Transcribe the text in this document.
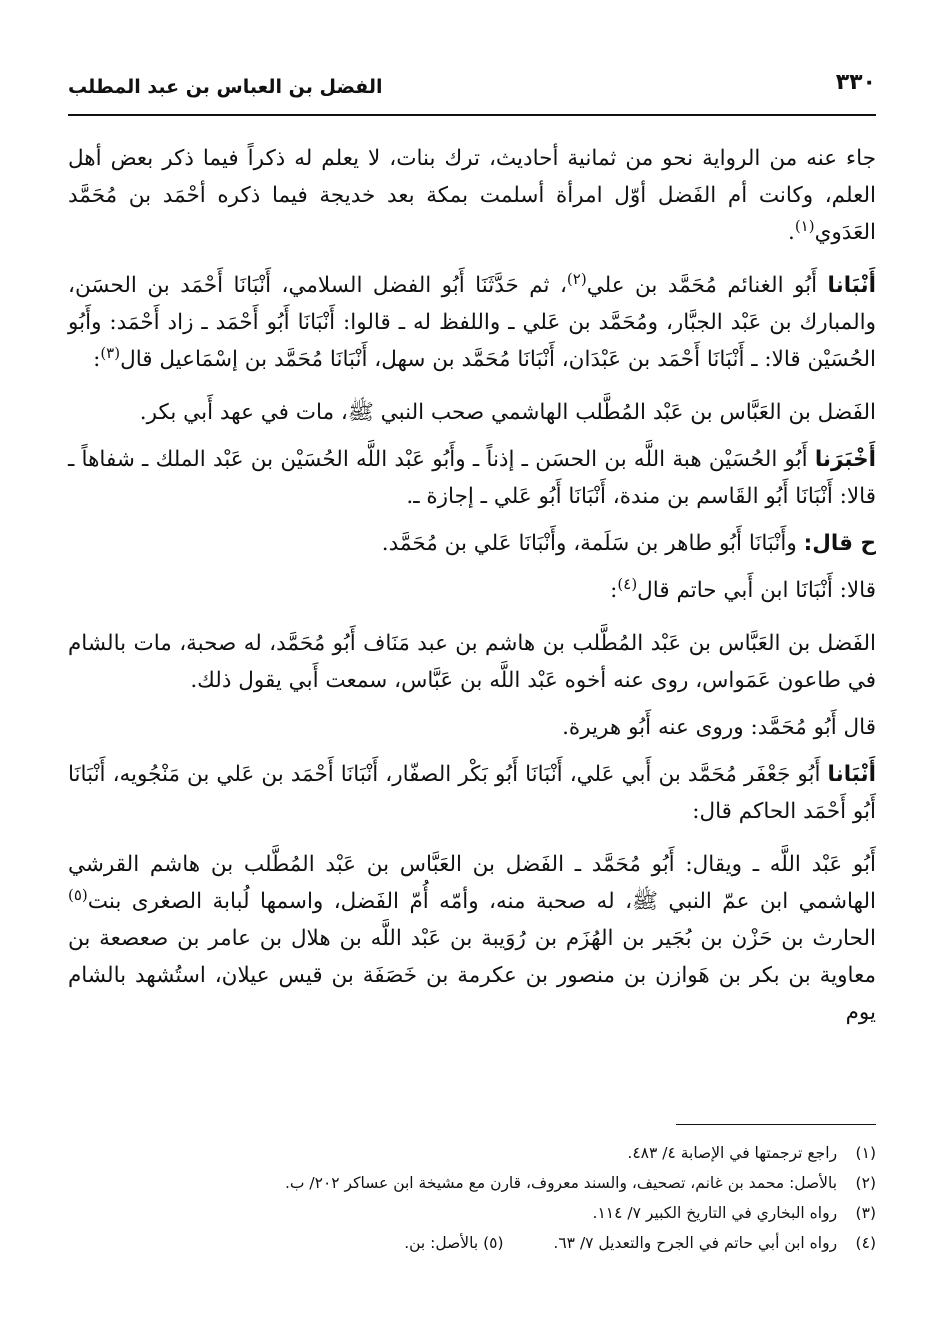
٣٣٠
الفضل بن العباس بن عبد المطلب

جاء عنه من الرواية نحو من ثمانية أحاديث، ترك بنات، لا يعلم له ذكراً فيما ذكر بعض أهل العلم، وكانت أم الفَضل أوّل امرأة أسلمت بمكة بعد خديجة فيما ذكره أحْمَد بن مُحَمَّد العَدَوي$^{(١)}$.

أَنْبَانا أَبُو الغنائم مُحَمَّد بن علي$^{(٢)}$، ثم حَدَّثَنَا أَبُو الفضل السلامي، أَنْبَانَا أَحْمَد بن الحسَن، والمبارك بن عَبْد الجبَّار، ومُحَمَّد بن عَلي ـ واللفظ له ـ قالوا: أَنْبَانَا أَبُو أَحْمَد ـ زاد أَحْمَد: وأَبُو الحُسَيْن قالا: ـ أَنْبَانَا أَحْمَد بن عَبْدَان، أَنْبَانَا مُحَمَّد بن سهل، أَنْبَانَا مُحَمَّد بن إسْمَاعيل قال$^{(٣)}$:

الفَضل بن العَبَّاس بن عَبْد المُطَّلب الهاشمي صحب النبي ﷺ، مات في عهد أَبي بكر.

أَخْبَرَنا أَبُو الحُسَيْن هبة اللَّه بن الحسَن ـ إذناً ـ وأَبُو عَبْد اللَّه الحُسَيْن بن عَبْد الملك ـ شفاهاً ـ قالا: أَنْبَانَا أَبُو القَاسم بن مندة، أَنْبَانَا أَبُو عَلي ـ إجازة ـ.

ح قال: وأَنْبَانَا أَبُو طاهر بن سَلَمة، وأَنْبَانَا عَلي بن مُحَمَّد.

قالا: أَنْبَانَا ابن أَبي حاتم قال$^{(٤)}$:

الفَضل بن العَبَّاس بن عَبْد المُطَّلب بن هاشم بن عبد مَنَاف أَبُو مُحَمَّد، له صحبة، مات بالشام في طاعون عَمَواس، روى عنه أخوه عَبْد اللَّه بن عَبَّاس، سمعت أَبي يقول ذلك.

قال أَبُو مُحَمَّد: وروى عنه أَبُو هريرة.

أَنْبَانا أَبُو جَعْفَر مُحَمَّد بن أَبي عَلي، أَنْبَانَا أَبُو بَكْر الصفّار، أَنْبَانَا أَحْمَد بن عَلي بن مَنْجُويه، أَنْبَانَا أَبُو أَحْمَد الحاكم قال:

أَبُو عَبْد اللَّه ـ ويقال: أَبُو مُحَمَّد ـ الفَضل بن العَبَّاس بن عَبْد المُطَّلب بن هاشم القرشي الهاشمي ابن عمّ النبي ﷺ، له صحبة منه، وأمّه أُمّ الفَضل، واسمها لُبابة الصغرى بنت$^{(٥)}$ الحارث بن حَزْن بن بُجَير بن الهُزَم بن رُوَيبة بن عَبْد اللَّه بن هلال بن عامر بن صعصعة بن معاوية بن بكر بن هَوازن بن منصور بن عكرمة بن خَصَفَة بن قيس عيلان، استُشهد بالشام يوم

(١) راجع ترجمتها في الإصابة ٤/ ٤٨٣.

(٢) بالأصل: محمد بن غانم، تصحيف، والسند معروف، قارن مع مشيخة ابن عساكر ٢٠٢/ ب.

(٣) رواه البخاري في التاريخ الكبير ٧/ ١١٤.

(٤) رواه ابن أبي حاتم في الجرح والتعديل ٧/ ٦٣.  (٥) بالأصل: بن.
